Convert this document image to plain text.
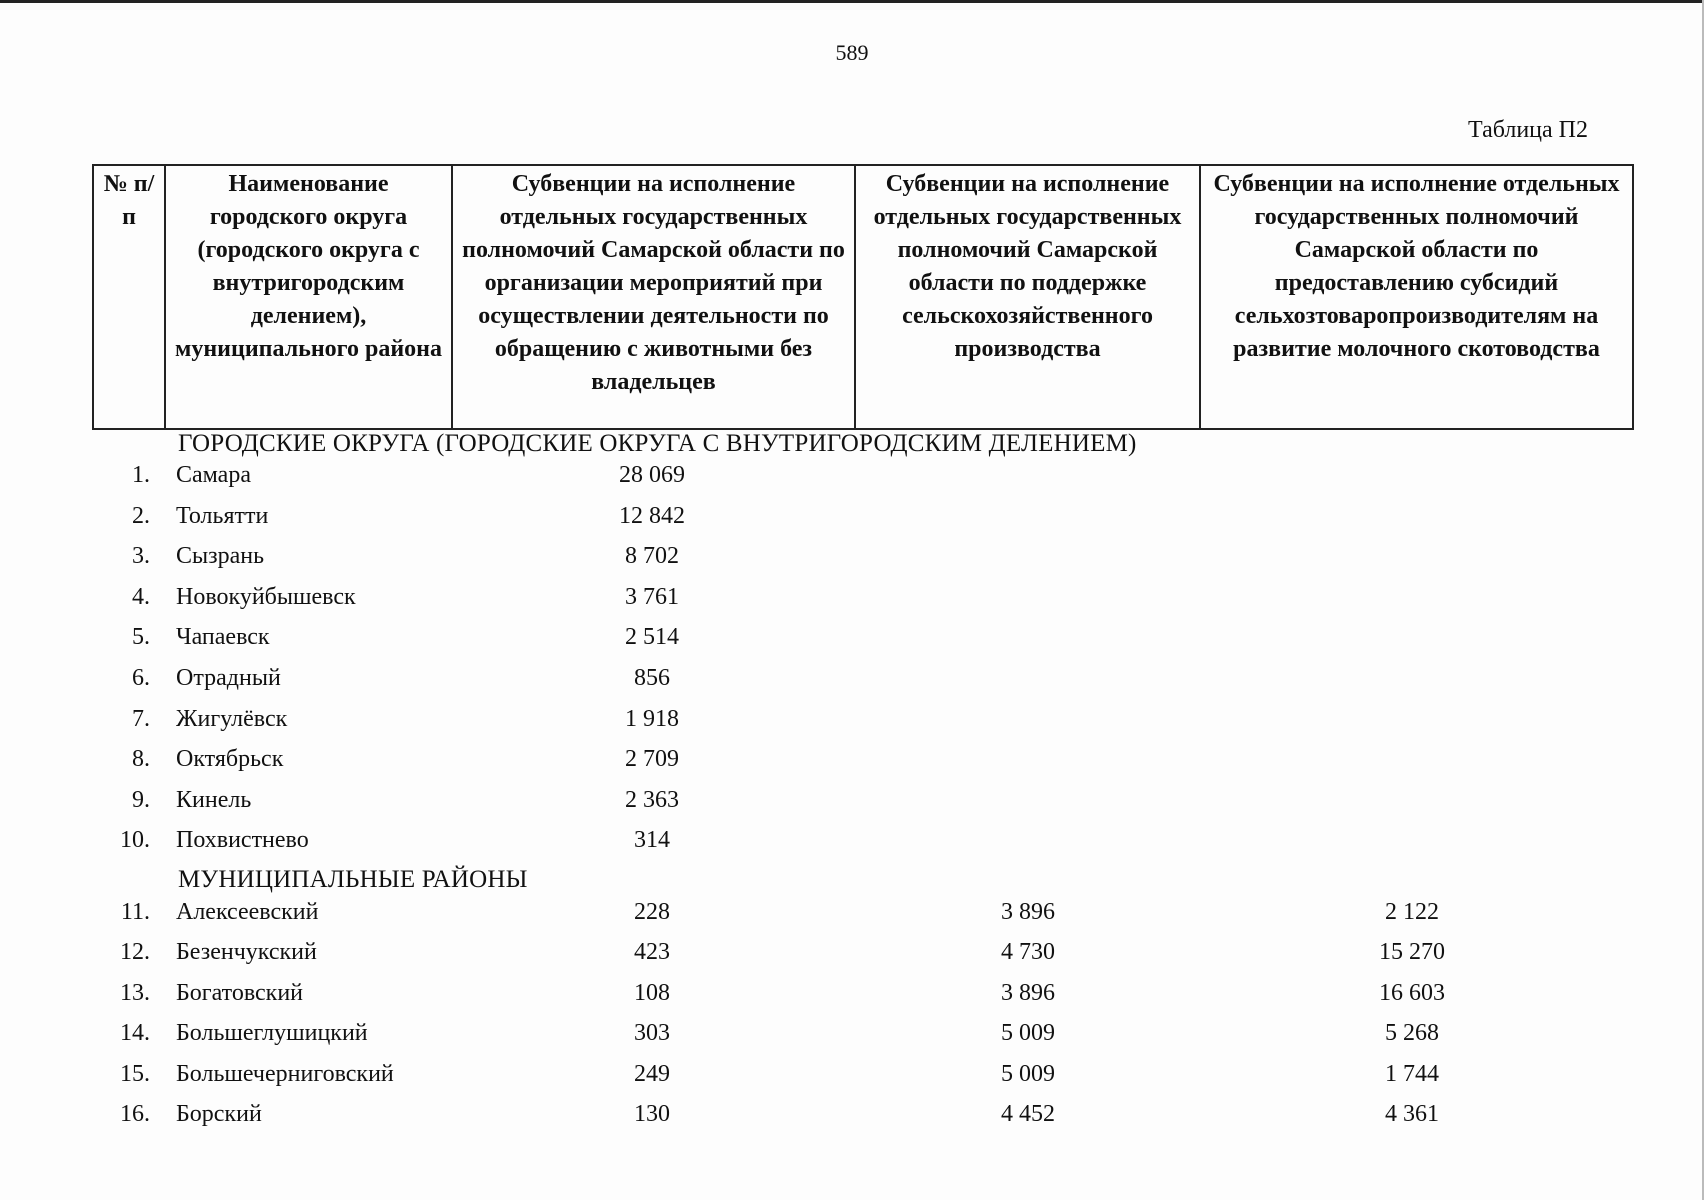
589
Таблица П2
№ п/п	Наименование городского округа (городского округа с внутригородским делением), муниципального района	Субвенции на исполнение отдельных государственных полномочий Самарской области по организации мероприятий при осуществлении деятельности по обращению с животными без владельцев	Субвенции на исполнение отдельных государственных полномочий Самарской области по поддержке сельскохозяйственного производства	Субвенции на исполнение отдельных государственных полномочий Самарской области по предоставлению субсидий сельхозтоваропроизводителям на развитие молочного скотоводства
ГОРОДСКИЕ ОКРУГА (ГОРОДСКИЕ ОКРУГА С ВНУТРИГОРОДСКИМ ДЕЛЕНИЕМ)
1. Самара	28 069
2. Тольятти	12 842
3. Сызрань	8 702
4. Новокуйбышевск	3 761
5. Чапаевск	2 514
6. Отрадный	856
7. Жигулёвск	1 918
8. Октябрьск	2 709
9. Кинель	2 363
10. Похвистнево	314
МУНИЦИПАЛЬНЫЕ РАЙОНЫ
11. Алексеевский	228	3 896	2 122
12. Безенчукский	423	4 730	15 270
13. Богатовский	108	3 896	16 603
14. Большеглушицкий	303	5 009	5 268
15. Большечерниговский	249	5 009	1 744
16. Борский	130	4 452	4 361
